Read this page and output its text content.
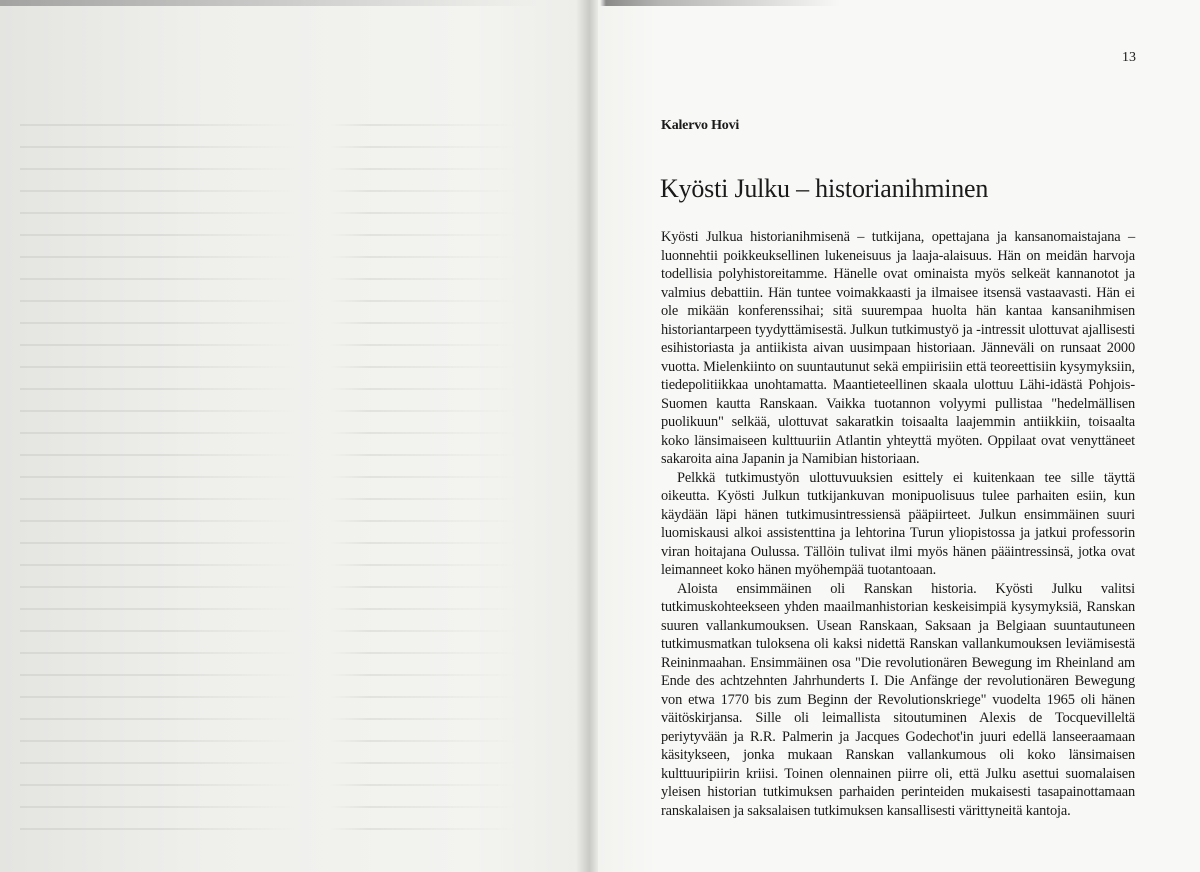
13
Kalervo Hovi
Kyösti Julku – historianihminen

Kyösti Julkua historianihmisenä – tutkijana, opettajana ja kansanomaistajana – luonnehtii poikkeuksellinen lukeneisuus ja laaja-alaisuus. Hän on meidän harvoja todellisia polyhistoreitamme. Hänelle ovat ominaista myös selkeät kannanotot ja valmius debattiin. Hän tuntee voimakkaasti ja ilmaisee itsensä vastaavasti. Hän ei ole mikään konferenssihai; sitä suurempaa huolta hän kantaa kansanihmisen historiantarpeen tyydyttämisestä. Julkun tutkimustyö ja -intressit ulottuvat ajallisesti esihistoriasta ja antiikista aivan uusimpaan historiaan. Jänneväli on runsaat 2000 vuotta. Mielenkiinto on suuntautunut sekä empiirisiin että teoreettisiin kysymyksiin, tiedepolitiikkaa unohtamatta. Maantieteellinen skaala ulottuu Lähi-idästä Pohjois-Suomen kautta Ranskaan. Vaikka tuotannon volyymi pullistaa "hedelmällisen puolikuun" selkää, ulottuvat sakaratkin toisaalta laajemmin antiikkiin, toisaalta koko länsimaiseen kulttuuriin Atlantin yhteyttä myöten. Oppilaat ovat venyttäneet sakaroita aina Japanin ja Namibian historiaan.

Pelkkä tutkimustyön ulottuvuuksien esittely ei kuitenkaan tee sille täyttä oikeutta. Kyösti Julkun tutkijankuvan monipuolisuus tulee parhaiten esiin, kun käydään läpi hänen tutkimusintressiensä pääpiirteet. Julkun ensimmäinen suuri luomiskausi alkoi assistenttina ja lehtorina Turun yliopistossa ja jatkui professorin viran hoitajana Oulussa. Tällöin tulivat ilmi myös hänen pääintressinsä, jotka ovat leimanneet koko hänen myöhempää tuotantoaan.

Aloista ensimmäinen oli Ranskan historia. Kyösti Julku valitsi tutkimuskohteekseen yhden maailmanhistorian keskeisimpiä kysymyksiä, Ranskan suuren vallankumouksen. Usean Ranskaan, Saksaan ja Belgiaan suuntautuneen tutkimusmatkan tuloksena oli kaksi nidettä Ranskan vallankumouksen leviämisestä Reininmaahan. Ensimmäinen osa "Die revolutionären Bewegung im Rheinland am Ende des achtzehnten Jahrhunderts I. Die Anfänge der revolutionären Bewegung von etwa 1770 bis zum Beginn der Revolutionskriege" vuodelta 1965 oli hänen väitöskirjansa. Sille oli leimallista sitoutuminen Alexis de Tocquevilleltä periytyvään ja R.R. Palmerin ja Jacques Godechot'in juuri edellä lanseeraamaan käsitykseen, jonka mukaan Ranskan vallankumous oli koko länsimaisen kulttuuripiirin kriisi. Toinen olennainen piirre oli, että Julku asettui suomalaisen yleisen historian tutkimuksen parhaiden perinteiden mukaisesti tasapainottamaan ranskalaisen ja saksalaisen tutkimuksen kansallisesti värittyneitä kantoja.
